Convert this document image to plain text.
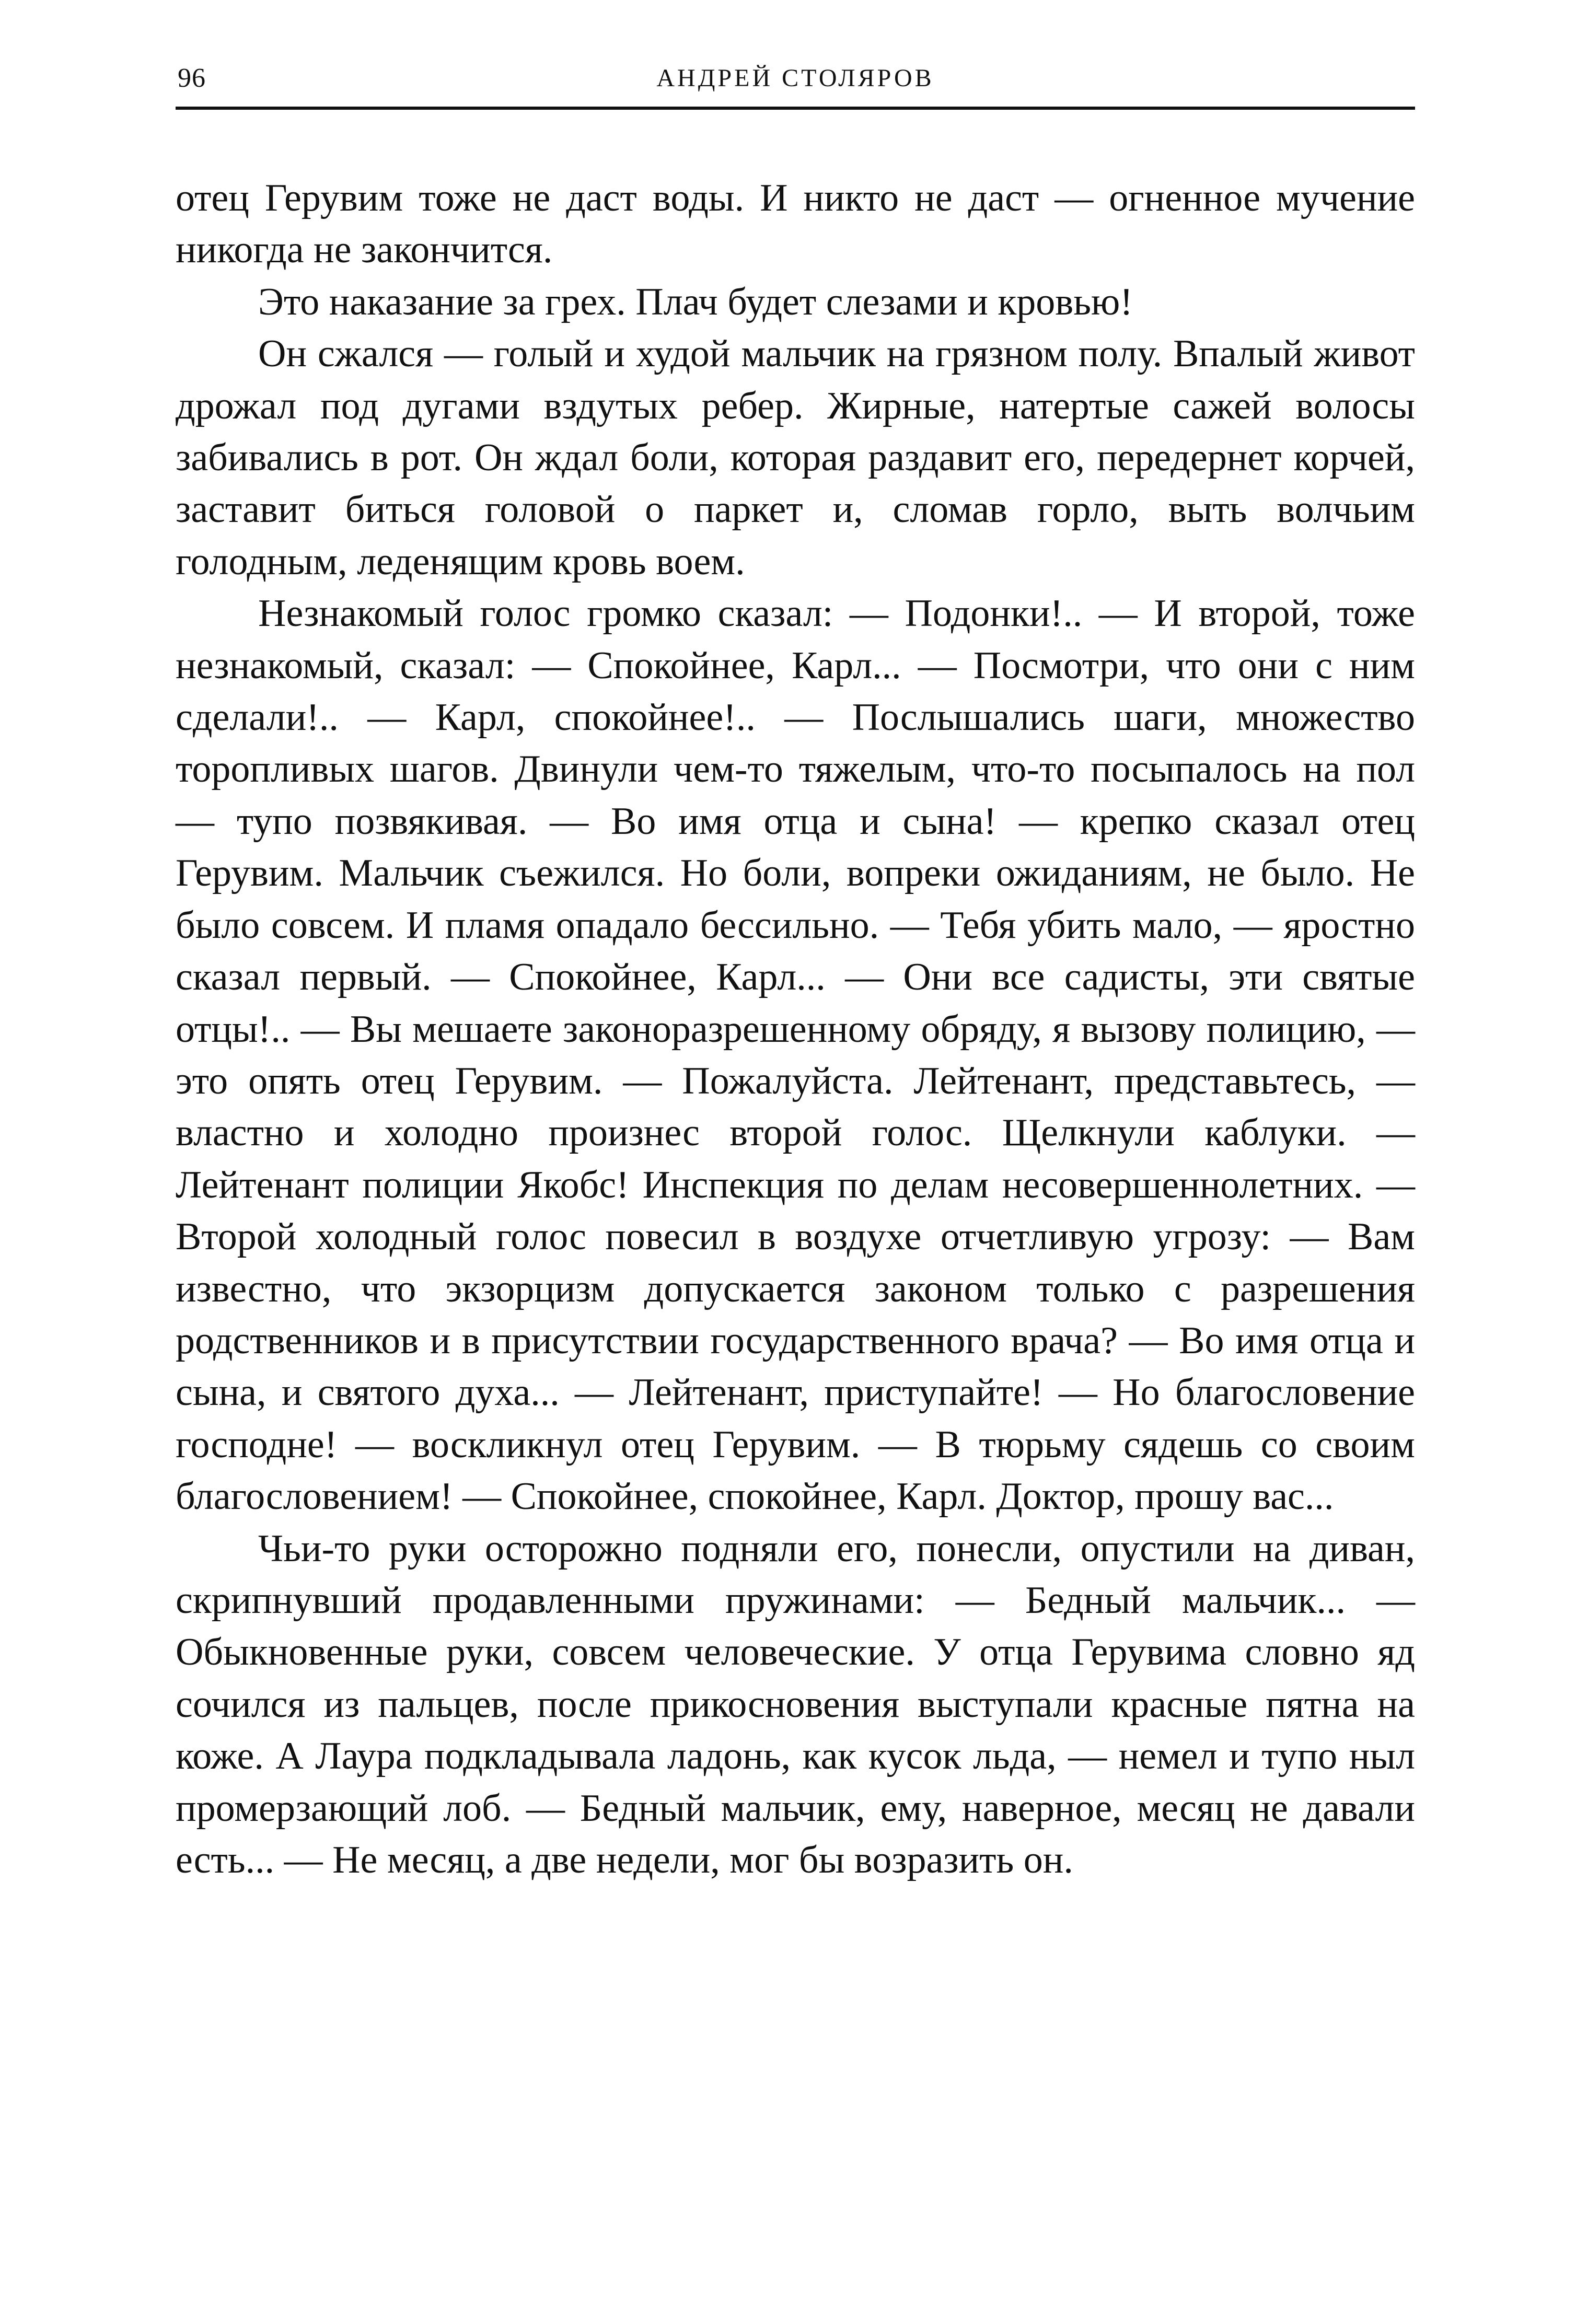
96	АНДРЕЙ СТОЛЯРОВ

отец Герувим тоже не даст воды. И никто не даст — огненное мучение никогда не закончится.

Это наказание за грех. Плач будет слезами и кровью!

Он сжался — голый и худой мальчик на грязном полу. Впалый живот дрожал под дугами вздутых ребер. Жирные, натертые сажей волосы забивались в рот. Он ждал боли, которая раздавит его, передернет корчей, заставит биться головой о паркет и, сломав горло, выть волчьим голодным, леденящим кровь воем.

Незнакомый голос громко сказал: — Подонки!.. — И второй, тоже незнакомый, сказал: — Спокойнее, Карл... — Посмотри, что они с ним сделали!.. — Карл, спокойнее!.. — Послышались шаги, множество торопливых шагов. Двинули чем-то тяжелым, что-то посыпалось на пол — тупо позвякивая. — Во имя отца и сына! — крепко сказал отец Герувим. Мальчик съежился. Но боли, вопреки ожиданиям, не было. Не было совсем. И пламя опадало бессильно. — Тебя убить мало, — яростно сказал первый. — Спокойнее, Карл... — Они все садисты, эти святые отцы!.. — Вы мешаете законоразрешенному обряду, я вызову полицию, — это опять отец Герувим. — Пожалуйста. Лейтенант, представьтесь, — властно и холодно произнес второй голос. Щелкнули каблуки. — Лейтенант полиции Якобс! Инспекция по делам несовершеннолетних. — Второй холодный голос повесил в воздухе отчетливую угрозу: — Вам известно, что экзорцизм допускается законом только с разрешения родственников и в присутствии государственного врача? — Во имя отца и сына, и святого духа... — Лейтенант, приступайте! — Но благословение господне! — воскликнул отец Герувим. — В тюрьму сядешь со своим благословением! — Спокойнее, спокойнее, Карл. Доктор, прошу вас...

Чьи-то руки осторожно подняли его, понесли, опустили на диван, скрипнувший продавленными пружинами: — Бедный мальчик... — Обыкновенные руки, совсем человеческие. У отца Герувима словно яд сочился из пальцев, после прикосновения выступали красные пятна на коже. А Лаура подкладывала ладонь, как кусок льда, — немел и тупо ныл промерзающий лоб. — Бедный мальчик, ему, наверное, месяц не давали есть... — Не месяц, а две недели, мог бы возразить он.
